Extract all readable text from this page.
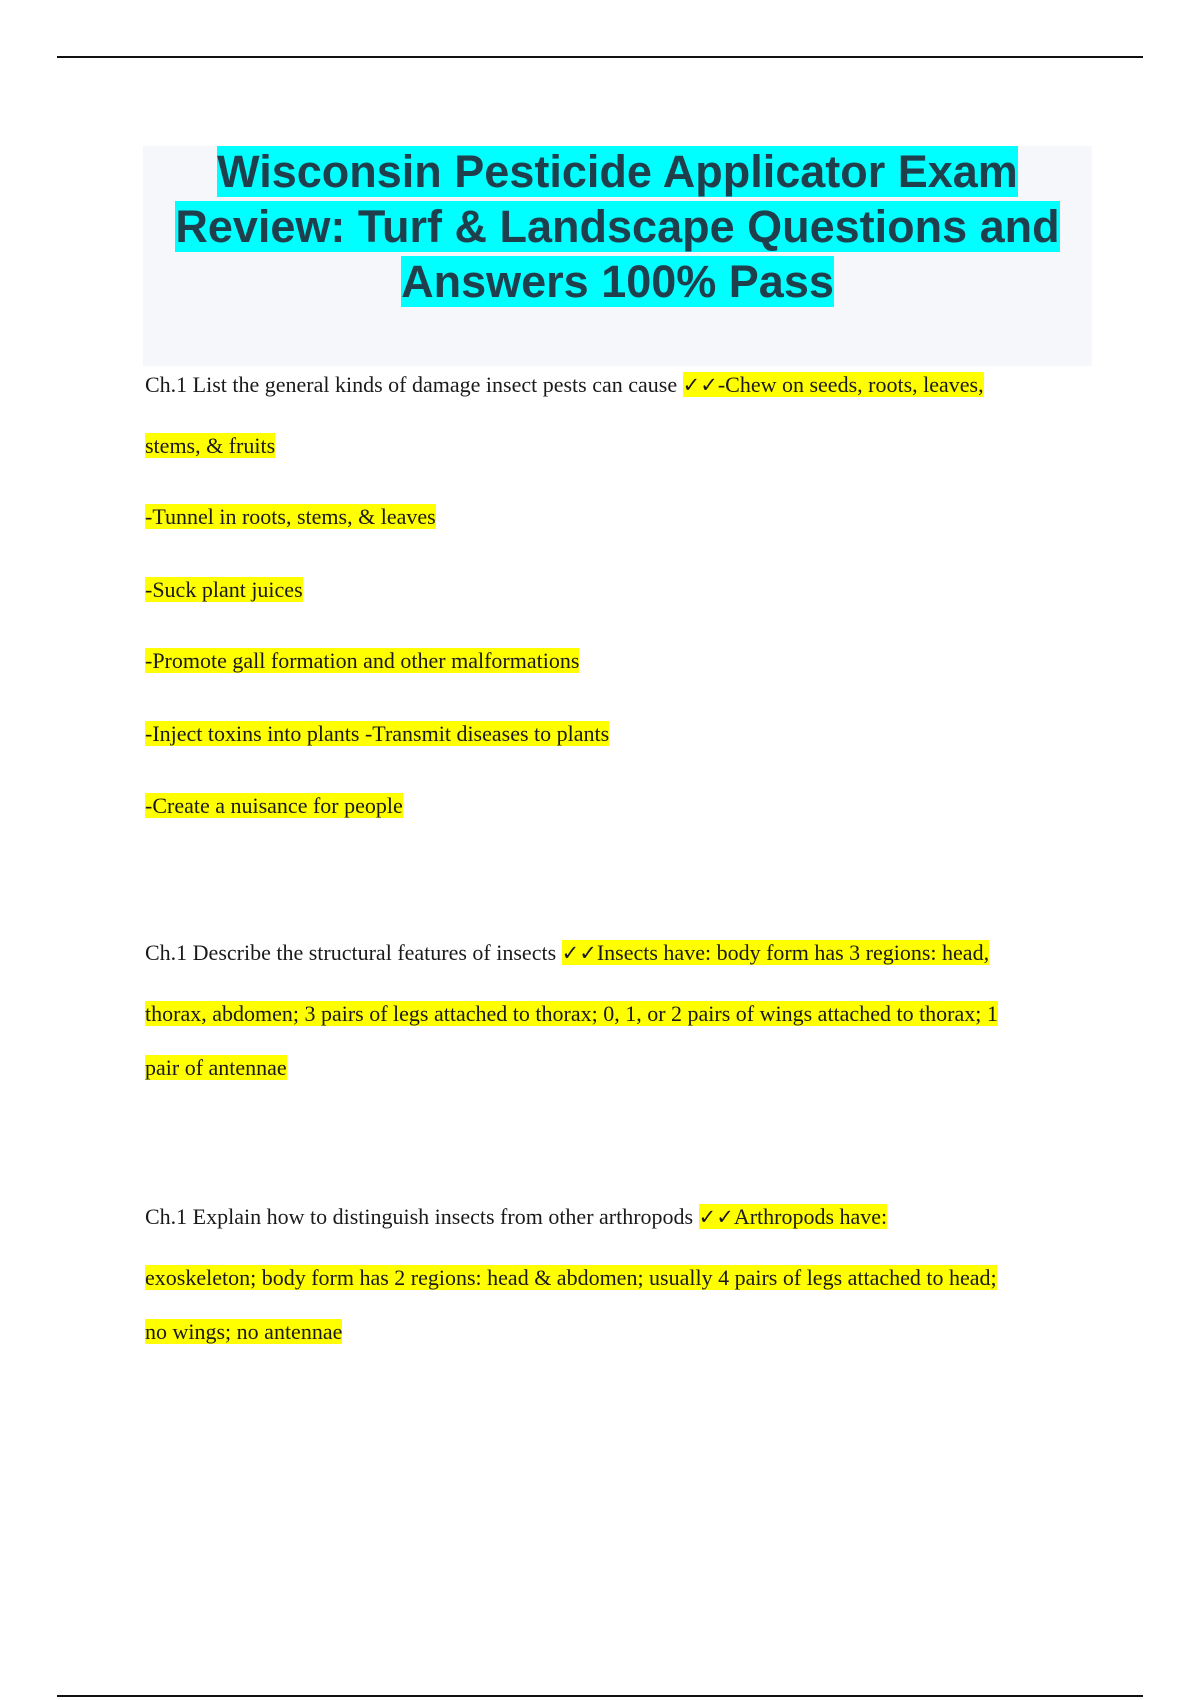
Wisconsin Pesticide Applicator Exam Review: Turf & Landscape Questions and Answers 100% Pass

Ch.1 List the general kinds of damage insect pests can cause ✓✓-Chew on seeds, roots, leaves,

stems, & fruits

-Tunnel in roots, stems, & leaves

-Suck plant juices

-Promote gall formation and other malformations

-Inject toxins into plants -Transmit diseases to plants

-Create a nuisance for people

Ch.1 Describe the structural features of insects ✓✓Insects have: body form has 3 regions: head,

thorax, abdomen; 3 pairs of legs attached to thorax; 0, 1, or 2 pairs of wings attached to thorax; 1

pair of antennae

Ch.1 Explain how to distinguish insects from other arthropods ✓✓Arthropods have:

exoskeleton; body form has 2 regions: head & abdomen; usually 4 pairs of legs attached to head;

no wings; no antennae
